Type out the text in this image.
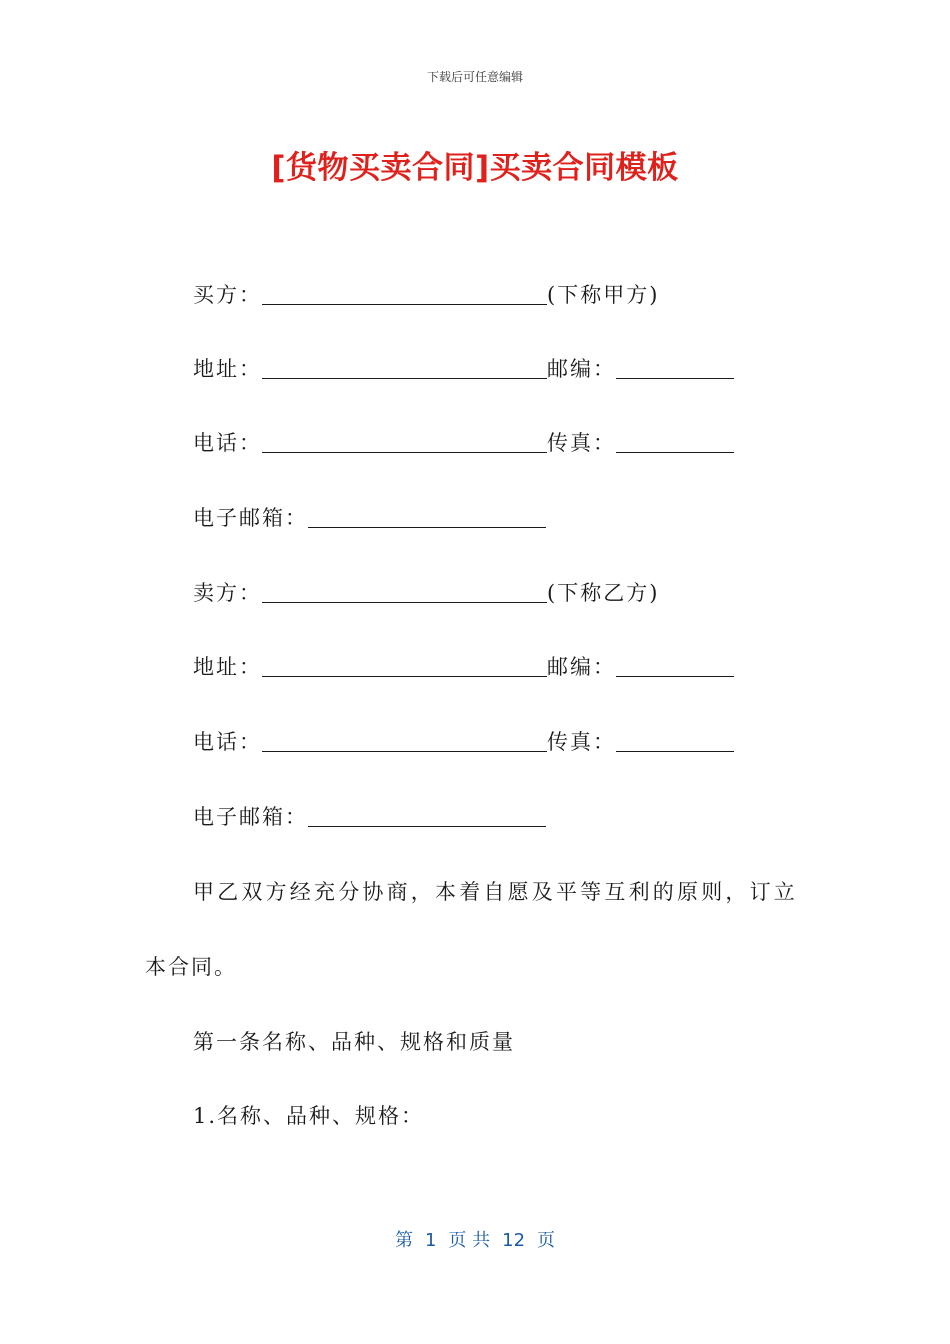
下载后可任意编辑
[货物买卖合同]买卖合同模板
买方：	(下称甲方)
地址：	邮编：
电话：	传真：
电子邮箱：
卖方：	(下称乙方)
地址：	邮编：
电话：	传真：
电子邮箱：
甲乙双方经充分协商，本着自愿及平等互利的原则，订立
本合同。
第一条名称、品种、规格和质量
1.名称、品种、规格：
第 1 页 共 12 页
